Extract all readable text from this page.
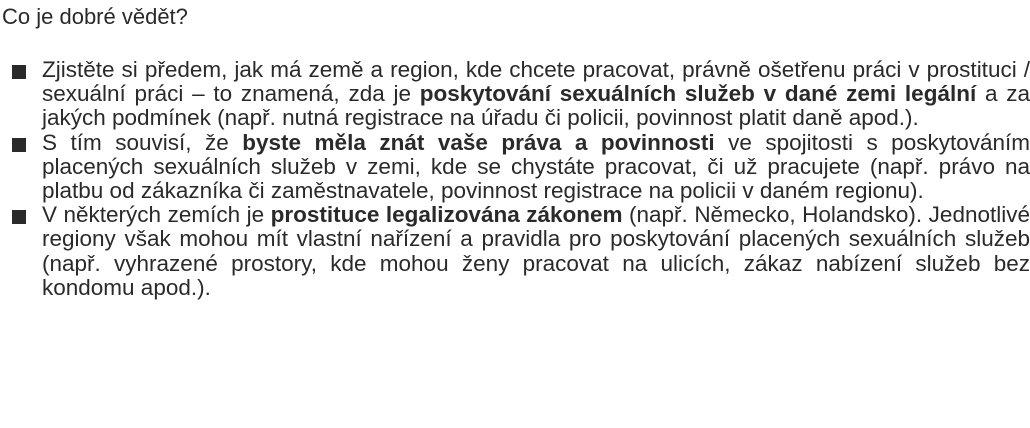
Co je dobré vědět?
Zjistěte si předem, jak má země a region, kde chcete pracovat, právně ošetřenu práci v prostituci / sexuální práci – to znamená, zda je poskytování sexuálních služeb v dané zemi legální a za jakých podmínek (např. nutná registrace na úřadu či policii, povinnost platit daně apod.).
S tím souvisí, že byste měla znát vaše práva a povinnosti ve spojitosti s poskytováním placených sexuálních služeb v zemi, kde se chystáte pracovat, či už pracujete (např. právo na platbu od zákazníka či zaměstnavatele, povinnost registrace na policii v daném regionu).
V některých zemích je prostituce legalizována zákonem (např. Německo, Holandsko). Jednotlivé regiony však mohou mít vlastní nařízení a pravidla pro poskytování placených sexuálních služeb (např. vyhrazené prostory, kde mohou ženy pracovat na ulicích, zákaz nabízení služeb bez kondomu apod.).
